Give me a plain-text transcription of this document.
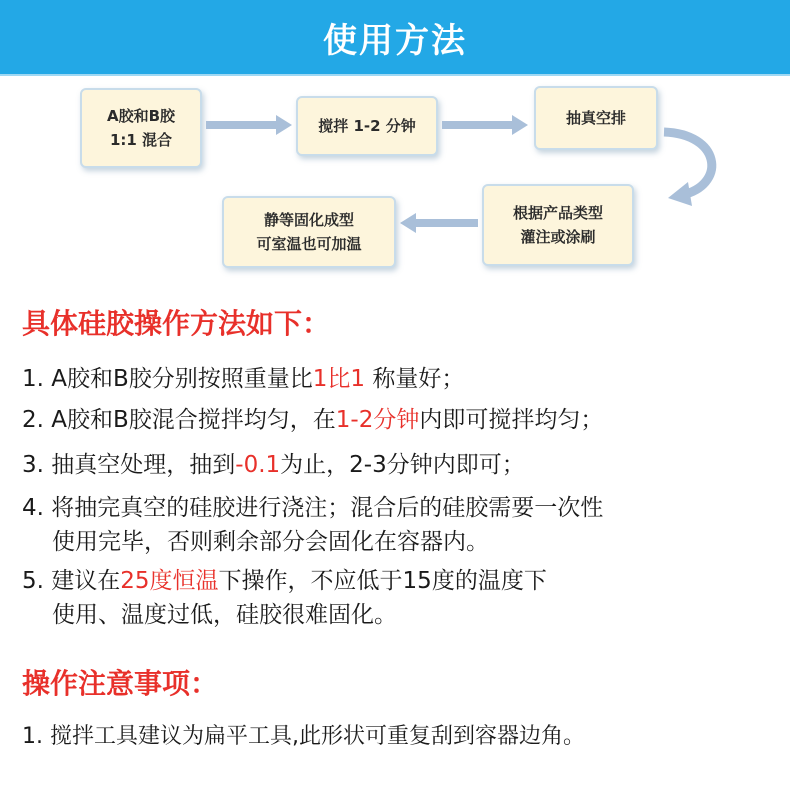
使用方法
A胶和B胶
1:1 混合
搅拌 1-2 分钟	抽真空排
根据产品类型
灌注或涂刷
静等固化成型
可室温也可加温
具体硅胶操作方法如下：
1. A胶和B胶分别按照重量比1比1 称量好；
2. A胶和B胶混合搅拌均匀，在1-2分钟内即可搅拌均匀；
3. 抽真空处理，抽到-0.1为止，2-3分钟内即可；
4. 将抽完真空的硅胶进行浇注；混合后的硅胶需要一次性
使用完毕，否则剩余部分会固化在容器内。
5. 建议在25度恒温下操作，不应低于15度的温度下
使用、温度过低，硅胶很难固化。
操作注意事项：
1. 搅拌工具建议为扁平工具,此形状可重复刮到容器边角。
